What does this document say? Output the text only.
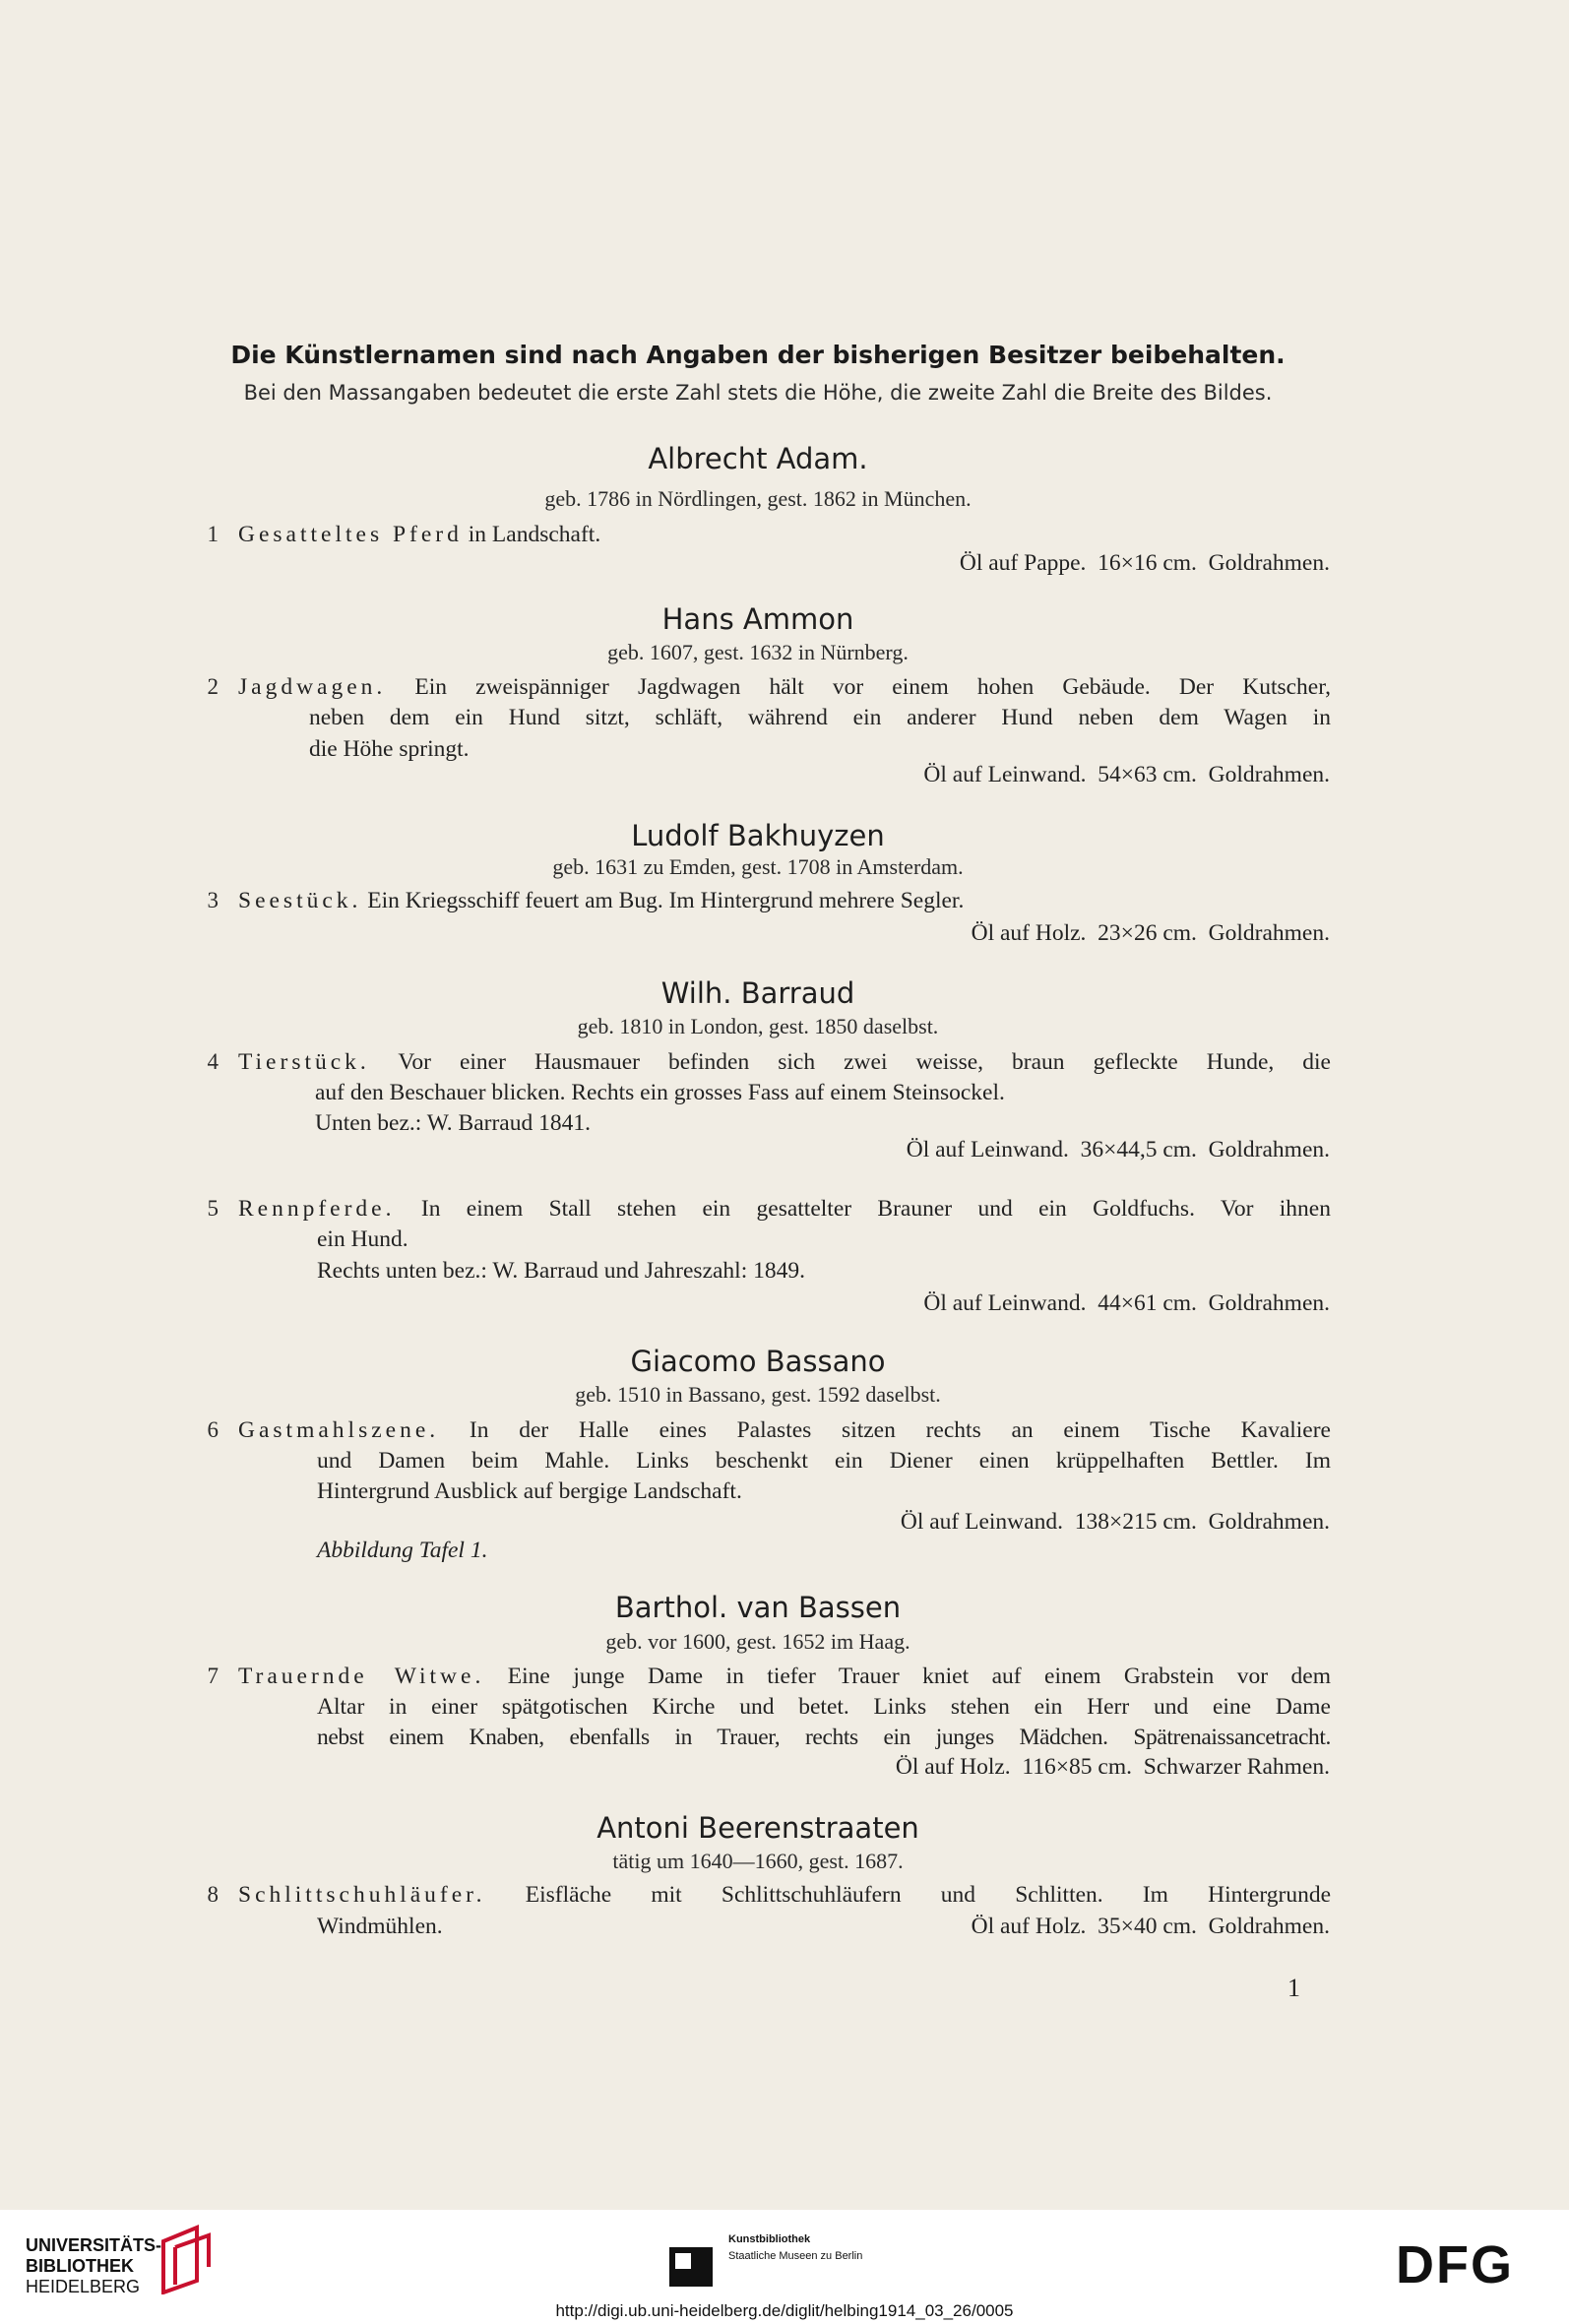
Die Künstlernamen sind nach Angaben der bisherigen Besitzer beibehalten.
Bei den Massangaben bedeutet die erste Zahl stets die Höhe, die zweite Zahl die Breite des Bildes.
Albrecht Adam.
geb. 1786 in Nördlingen, gest. 1862 in München.
1 Gesatteltes Pferd in Landschaft.
Öl auf Pappe.  16×16 cm.  Goldrahmen.
Hans Ammon
geb. 1607, gest. 1632 in Nürnberg.
2 Jagdwagen. Ein zweispänniger Jagdwagen hält vor einem hohen Gebäude. Der Kutscher,
neben dem ein Hund sitzt, schläft, während ein anderer Hund neben dem Wagen in
die Höhe springt.
Öl auf Leinwand.  54×63 cm.  Goldrahmen.
Ludolf Bakhuyzen
geb. 1631 zu Emden, gest. 1708 in Amsterdam.
3 Seestück. Ein Kriegsschiff feuert am Bug. Im Hintergrund mehrere Segler.
Öl auf Holz.  23×26 cm.  Goldrahmen.
Wilh. Barraud
geb. 1810 in London, gest. 1850 daselbst.
4 Tierstück. Vor einer Hausmauer befinden sich zwei weisse, braun gefleckte Hunde, die
auf den Beschauer blicken. Rechts ein grosses Fass auf einem Steinsockel.
Unten bez.: W. Barraud 1841.
Öl auf Leinwand.  36×44,5 cm.  Goldrahmen.
5 Rennpferde. In einem Stall stehen ein gesattelter Brauner und ein Goldfuchs. Vor ihnen
ein Hund.
Rechts unten bez.: W. Barraud und Jahreszahl: 1849.
Öl auf Leinwand.  44×61 cm.  Goldrahmen.
Giacomo Bassano
geb. 1510 in Bassano, gest. 1592 daselbst.
6 Gastmahlszene. In der Halle eines Palastes sitzen rechts an einem Tische Kavaliere
und Damen beim Mahle. Links beschenkt ein Diener einen krüppelhaften Bettler. Im
Hintergrund Ausblick auf bergige Landschaft.
Öl auf Leinwand.  138×215 cm.  Goldrahmen.
Abbildung Tafel 1.
Barthol. van Bassen
geb. vor 1600, gest. 1652 im Haag.
7 Trauernde Witwe. Eine junge Dame in tiefer Trauer kniet auf einem Grabstein vor dem
Altar in einer spätgotischen Kirche und betet. Links stehen ein Herr und eine Dame
nebst einem Knaben, ebenfalls in Trauer, rechts ein junges Mädchen. Spätrenaissancetracht.
Öl auf Holz.  116×85 cm.  Schwarzer Rahmen.
Antoni Beerenstraaten
tätig um 1640—1660, gest. 1687.
8 Schlittschuhläufer. Eisfläche mit Schlittschuhläufern und Schlitten. Im Hintergrunde
Windmühlen.	Öl auf Holz.  35×40 cm.  Goldrahmen.
1
UNIVERSITÄTS-
BIBLIOTHEK
HEIDELBERG
Kunstbibliothek
Staatliche Museen zu Berlin	DFG
http://digi.ub.uni-heidelberg.de/diglit/helbing1914_03_26/0005
